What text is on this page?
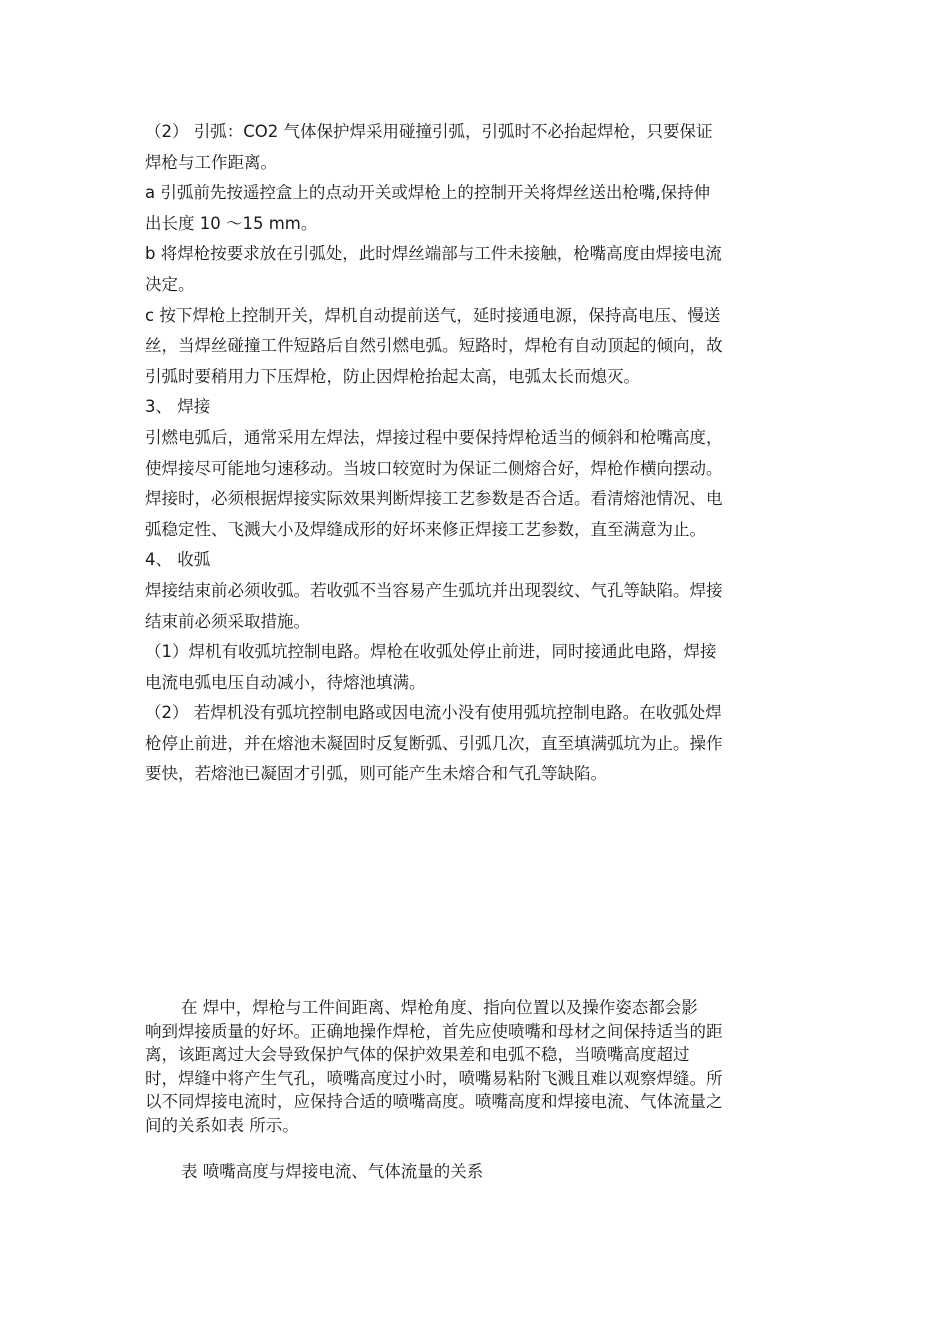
（2） 引弧：CO2 气体保护焊采用碰撞引弧，引弧时不必抬起焊枪，只要保证
焊枪与工作距离。
a 引弧前先按遥控盒上的点动开关或焊枪上的控制开关将焊丝送出枪嘴,保持伸
出长度 10 ～15 mm。
b 将焊枪按要求放在引弧处，此时焊丝端部与工件未接触，枪嘴高度由焊接电流
决定。
c 按下焊枪上控制开关，焊机自动提前送气，延时接通电源，保持高电压、慢送
丝，当焊丝碰撞工件短路后自然引燃电弧。短路时，焊枪有自动顶起的倾向，故
引弧时要稍用力下压焊枪，防止因焊枪抬起太高，电弧太长而熄灭。
3、 焊接
引燃电弧后，通常采用左焊法，焊接过程中要保持焊枪适当的倾斜和枪嘴高度，
使焊接尽可能地匀速移动。当坡口较宽时为保证二侧熔合好，焊枪作横向摆动。
焊接时，必须根据焊接实际效果判断焊接工艺参数是否合适。看清熔池情况、电
弧稳定性、飞溅大小及焊缝成形的好坏来修正焊接工艺参数，直至满意为止。
4、 收弧
焊接结束前必须收弧。若收弧不当容易产生弧坑并出现裂纹、气孔等缺陷。焊接
结束前必须采取措施。
（1）焊机有收弧坑控制电路。焊枪在收弧处停止前进，同时接通此电路，焊接
电流电弧电压自动减小，待熔池填满。
（2） 若焊机没有弧坑控制电路或因电流小没有使用弧坑控制电路。在收弧处焊
枪停止前进，并在熔池未凝固时反复断弧、引弧几次，直至填满弧坑为止。操作
要快，若熔池已凝固才引弧，则可能产生未熔合和气孔等缺陷。
在 焊中，焊枪与工件间距离、焊枪角度、指向位置以及操作姿态都会影
响到焊接质量的好坏。正确地操作焊枪，首先应使喷嘴和母材之间保持适当的距
离，该距离过大会导致保护气体的保护效果差和电弧不稳，当喷嘴高度超过
时，焊缝中将产生气孔，喷嘴高度过小时，喷嘴易粘附飞溅且难以观察焊缝。所
以不同焊接电流时，应保持合适的喷嘴高度。喷嘴高度和焊接电流、气体流量之
间的关系如表 所示。
表 喷嘴高度与焊接电流、气体流量的关系
